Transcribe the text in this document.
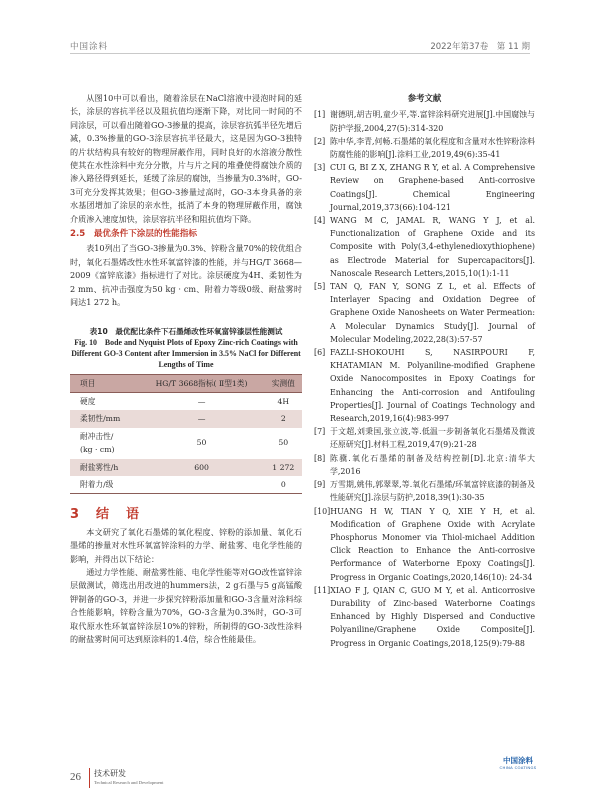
中国涂料	2022年第37卷　第 11 期

从图10中可以看出，随着涂层在NaCl溶液中浸泡时间的延长，涂层的容抗半径以及阻抗值均逐渐下降，对比同一时间的不同涂层，可以看出随着GO-3掺量的提高，涂层容抗弧半径先增后减，0.3%掺量的GO-3涂层容抗半径最大，这是因为GO-3独特的片状结构具有较好的物理屏蔽作用，同时良好的水溶液分散性使其在水性涂料中充分分散，片与片之间的堆叠使得腐蚀介质的渗入路径得到延长，延缓了涂层的腐蚀，当掺量为0.3%时，GO-3可充分发挥其效果；但GO-3掺量过高时，GO-3本身具备的亲水基团增加了涂层的亲水性，抵消了本身的物理屏蔽作用，腐蚀介质渗入速度加快，涂层容抗半径和阻抗值均下降。

2.5　最优条件下涂层的性能指标

表10列出了当GO-3掺量为0.3%、锌粉含量70%的较优组合时，氧化石墨烯改性水性环氧富锌漆的性能，并与HG/T 3668—2009《富锌底漆》指标进行了对比。涂层硬度为4H、柔韧性为2 mm、抗冲击强度为50 kg · cm、附着力等级0级、耐盐雾时间达1 272 h。

表10　最优配比条件下石墨烯改性环氧富锌漆层性能测试
Fig. 10　Bode and Nyquist Plots of Epoxy Zinc-rich Coatings with Different GO-3 Content after Immersion in 3.5% NaCl for Different Lengths of Time
项目	HG/T 3668指标( Ⅱ型1类)	实测值
硬度	—	4H
柔韧性/mm	—	2
耐冲击性/
(kg · cm)	50	50
耐盐雾性/h	600	1 272
附着力/级		0
3　结　语

本文研究了氧化石墨烯的氧化程度、锌粉的添加量、氧化石墨烯的掺量对水性环氧富锌涂料的力学、耐盐雾、电化学性能的影响，并得出以下结论：

通过力学性能、耐盐雾性能、电化学性能等对GO改性富锌涂层做测试，筛选出用改进的hummers法，2 g石墨与5 g高锰酸钾制备的GO-3，并进一步探究锌粉添加量和GO-3含量对涂料综合性能影响，锌粉含量为70%，GO-3含量为0.3%时，GO-3可取代原水性环氧富锌涂层10%的锌粉，所制得的GO-3改性涂料的耐盐雾时间可达到原涂料的1.4倍，综合性能最佳。

参考文献
[1] 谢德明,胡吉明,童少平,等.富锌涂料研究进展[J].中国腐蚀与防护学报,2004,27(5):314-320
[2] 陈中华,李青,何畅.石墨烯的氧化程度和含量对水性锌粉涂料防腐性能的影响[J].涂料工业,2019,49(6):35-41
[3] CUI G, BI Z X, ZHANG R Y, et al. A Comprehensive Review on Graphene-based Anti-corrosive Coatings[J]. Chemical Engineering Journal,2019,373(66):104-121
[4] WANG M C, JAMAL R, WANG Y J, et al. Functionalization of Graphene Oxide and its Composite with Poly(3,4-ethylenedioxythiophene) as Electrode Material for Supercapacitors[J]. Nanoscale Research Letters,2015,10(1):1-11
[5] TAN Q, FAN Y, SONG Z L, et al. Effects of Interlayer Spacing and Oxidation Degree of Graphene Oxide Nanosheets on Water Permeation: A Molecular Dynamics Study[J]. Journal of Molecular Modeling,2022,28(3):57-57
[6] FAZLI-SHOKOUHI S, NASIRPOURI F, KHATAMIAN M. Polyaniline-modified Graphene Oxide Nanocomposites in Epoxy Coatings for Enhancing the Anti-corrosion and Antifouling Properties[J]. Journal of Coatings Technology and Research,2019,16(4):983-997
[7] 于文超,刘秉国,张立波,等.低温一步制备氧化石墨烯及微波还原研究[J].材料工程,2019,47(9):21-28
[8] 陈骥.氧化石墨烯的制备及结构控制[D].北京:清华大学,2016
[9] 万雪期,姚伟,郭翠翠,等.氧化石墨烯/环氧富锌底漆的制备及性能研究[J].涂层与防护,2018,39(1):30-35
[10] HUANG H W, TIAN Y Q, XIE Y H, et al. Modification of Graphene Oxide with Acrylate Phosphorus Monomer via Thiol-michael Addition Click Reaction to Enhance the Anti-corrosive Performance of Waterborne Epoxy Coatings[J]. Progress in Organic Coatings,2020,146(10): 24-34
[11] XIAO F J, QIAN C, GUO M Y, et al. Anticorrosive Durability of Zinc-based Waterborne Coatings Enhanced by Highly Dispersed and Conductive Polyaniline/Graphene Oxide Composite[J]. Progress in Organic Coatings,2018,125(9):79-88
中国涂料
CHINA COATINGS
26 技术研发
Technical Research and Development
